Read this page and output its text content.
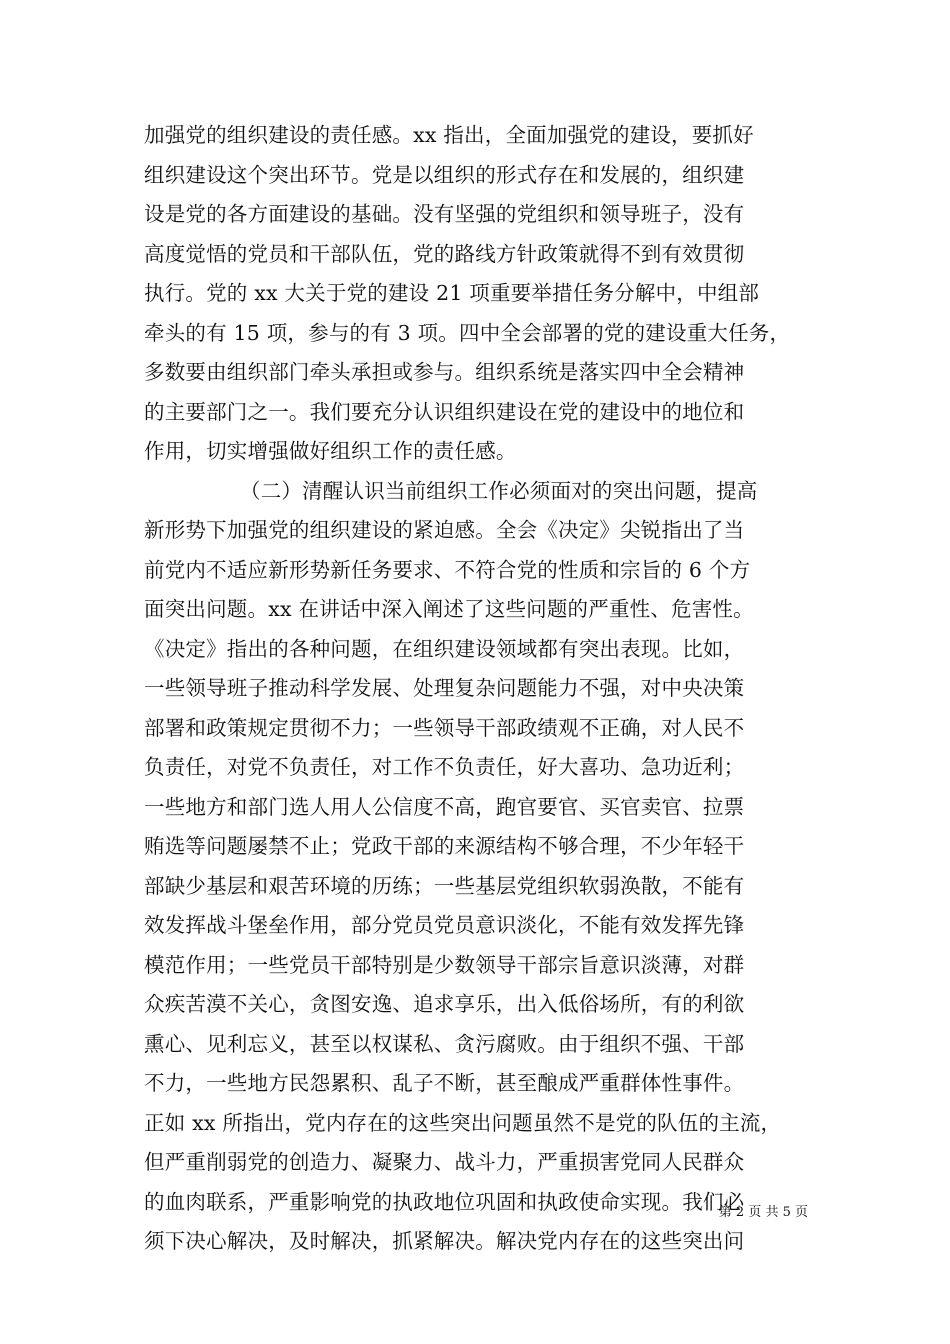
加强党的组织建设的责任感。xx 指出，全面加强党的建设，要抓好
组织建设这个突出环节。党是以组织的形式存在和发展的，组织建
设是党的各方面建设的基础。没有坚强的党组织和领导班子，没有
高度觉悟的党员和干部队伍，党的路线方针政策就得不到有效贯彻
执行。党的 xx 大关于党的建设 21 项重要举措任务分解中，中组部
牵头的有 15 项，参与的有 3 项。四中全会部署的党的建设重大任务，
多数要由组织部门牵头承担或参与。组织系统是落实四中全会精神
的主要部门之一。我们要充分认识组织建设在党的建设中的地位和
作用，切实增强做好组织工作的责任感。
（二）清醒认识当前组织工作必须面对的突出问题，提高
新形势下加强党的组织建设的紧迫感。全会《决定》尖锐指出了当
前党内不适应新形势新任务要求、不符合党的性质和宗旨的 6 个方
面突出问题。xx 在讲话中深入阐述了这些问题的严重性、危害性。
《决定》指出的各种问题，在组织建设领域都有突出表现。比如，
一些领导班子推动科学发展、处理复杂问题能力不强，对中央决策
部署和政策规定贯彻不力；一些领导干部政绩观不正确，对人民不
负责任，对党不负责任，对工作不负责任，好大喜功、急功近利；
一些地方和部门选人用人公信度不高，跑官要官、买官卖官、拉票
贿选等问题屡禁不止；党政干部的来源结构不够合理，不少年轻干
部缺少基层和艰苦环境的历练；一些基层党组织软弱涣散，不能有
效发挥战斗堡垒作用，部分党员党员意识淡化，不能有效发挥先锋
模范作用；一些党员干部特别是少数领导干部宗旨意识淡薄，对群
众疾苦漠不关心，贪图安逸、追求享乐，出入低俗场所，有的利欲
熏心、见利忘义，甚至以权谋私、贪污腐败。由于组织不强、干部
不力，一些地方民怨累积、乱子不断，甚至酿成严重群体性事件。
正如 xx 所指出，党内存在的这些突出问题虽然不是党的队伍的主流，
但严重削弱党的创造力、凝聚力、战斗力，严重损害党同人民群众
的血肉联系，严重影响党的执政地位巩固和执政使命实现。我们必
须下决心解决，及时解决，抓紧解决。解决党内存在的这些突出问
第 2 页 共 5 页
